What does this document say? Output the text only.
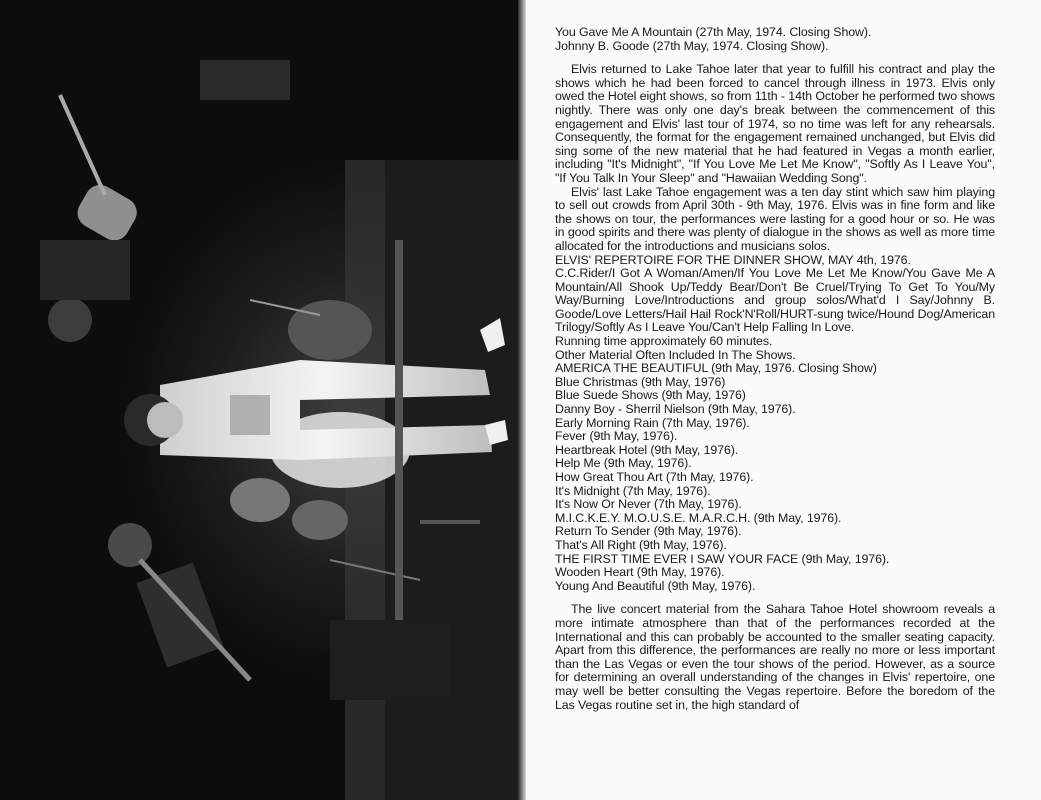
You Gave Me A Mountain (27th May, 1974. Closing Show).
Johnny B. Goode (27th May, 1974. Closing Show).

Elvis returned to Lake Tahoe later that year to fulfill his contract and play the shows which he had been forced to cancel through illness in 1973. Elvis only owed the Hotel eight shows, so from 11th - 14th October he performed two shows nightly. There was only one day's break between the commencement of this engagement and Elvis' last tour of 1974, so no time was left for any rehearsals. Consequently, the format for the engagement remained unchanged, but Elvis did sing some of the new material that he had featured in Vegas a month earlier, including "It's Midnight", "If You Love Me Let Me Know", "Softly As I Leave You", "If You Talk In Your Sleep" and "Hawaiian Wedding Song".

Elvis' last Lake Tahoe engagement was a ten day stint which saw him playing to sell out crowds from April 30th - 9th May, 1976. Elvis was in fine form and like the shows on tour, the performances were lasting for a good hour or so. He was in good spirits and there was plenty of dialogue in the shows as well as more time allocated for the introductions and musicians solos.

ELVIS' REPERTOIRE FOR THE DINNER SHOW, MAY 4th, 1976.

C.C.Rider/I Got A Woman/Amen/If You Love Me Let Me Know/You Gave Me A Mountain/All Shook Up/Teddy Bear/Don't Be Cruel/Trying To Get To You/My Way/Burning Love/Introductions and group solos/What'd I Say/Johnny B. Goode/Love Letters/Hail Hail Rock'N'Roll/HURT-sung twice/Hound Dog/American Trilogy/Softly As I Leave You/Can't Help Falling In Love.

Running time approximately 60 minutes.
Other Material Often Included In The Shows.
AMERICA THE BEAUTIFUL (9th May, 1976. Closing Show)
Blue Christmas (9th May, 1976)
Blue Suede Shows (9th May, 1976)
Danny Boy - Sherril Nielson (9th May, 1976).
Early Morning Rain (7th May, 1976).
Fever (9th May, 1976).
Heartbreak Hotel (9th May, 1976).
Help Me (9th May, 1976).
How Great Thou Art (7th May, 1976).
It's Midnight (7th May, 1976).
It's Now Or Never (7th May, 1976).
M.I.C.K.E.Y. M.O.U.S.E. M.A.R.C.H. (9th May, 1976).
Return To Sender (9th May, 1976).
That's All Right (9th May, 1976).
THE FIRST TIME EVER I SAW YOUR FACE (9th May, 1976).
Wooden Heart (9th May, 1976).
Young And Beautiful (9th May, 1976).

The live concert material from the Sahara Tahoe Hotel showroom reveals a more intimate atmosphere than that of the performances recorded at the International and this can probably be accounted to the smaller seating capacity. Apart from this difference, the performances are really no more or less important than the Las Vegas or even the tour shows of the period. However, as a source for determining an overall understanding of the changes in Elvis' repertoire, one may well be better consulting the Vegas repertoire. Before the boredom of the Las Vegas routine set in, the high standard of
